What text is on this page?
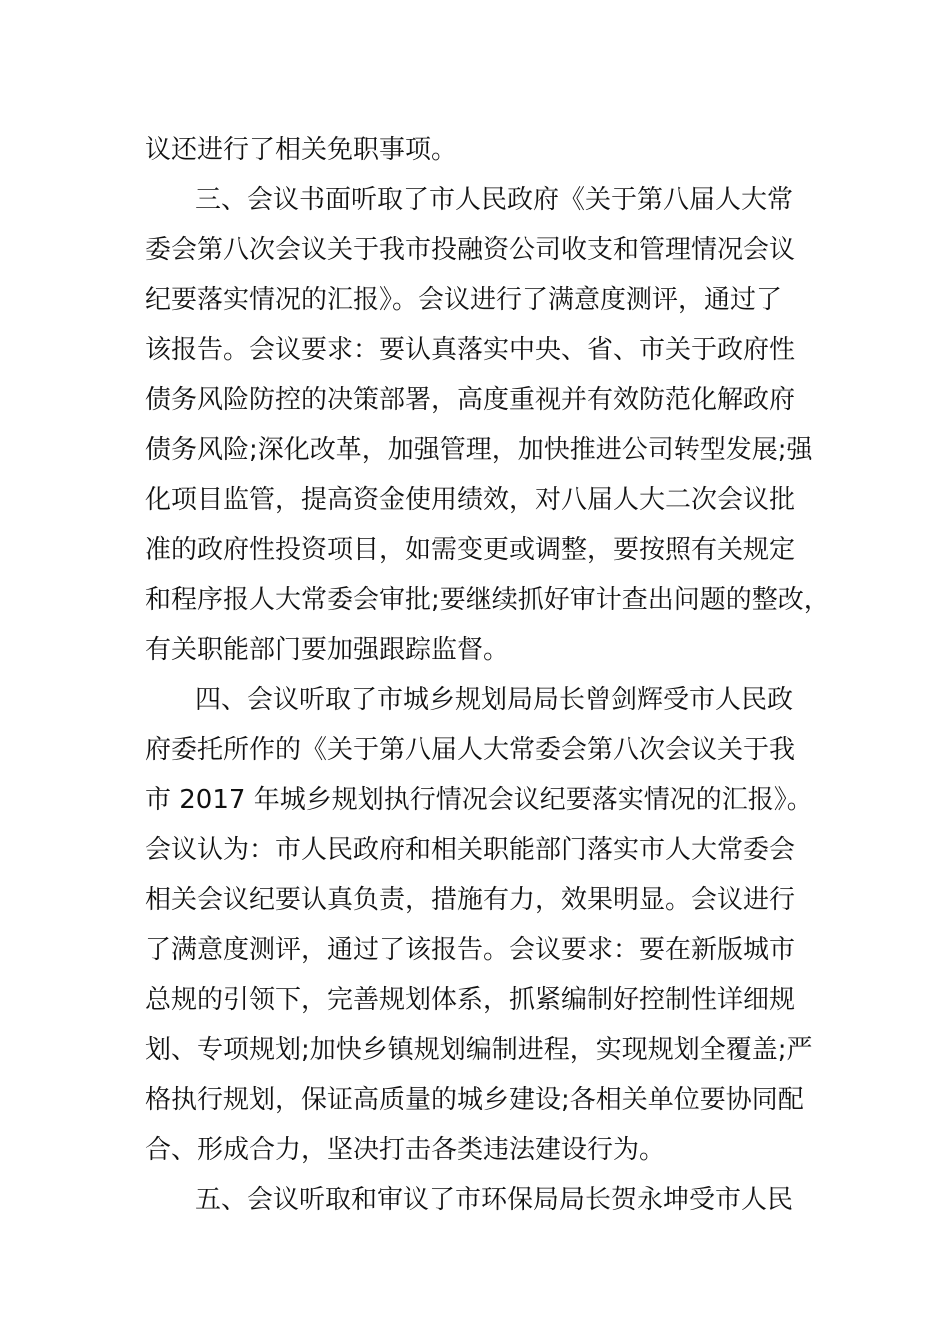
议还进行了相关免职事项。
三、会议书面听取了市人民政府《关于第八届人大常
委会第八次会议关于我市投融资公司收支和管理情况会议
纪要落实情况的汇报》。会议进行了满意度测评，通过了
该报告。会议要求：要认真落实中央、省、市关于政府性
债务风险防控的决策部署，高度重视并有效防范化解政府
债务风险;深化改革，加强管理，加快推进公司转型发展;强
化项目监管，提高资金使用绩效，对八届人大二次会议批
准的政府性投资项目，如需变更或调整，要按照有关规定
和程序报人大常委会审批;要继续抓好审计查出问题的整改，
有关职能部门要加强跟踪监督。
四、会议听取了市城乡规划局局长曾剑辉受市人民政
府委托所作的《关于第八届人大常委会第八次会议关于我
市 2017 年城乡规划执行情况会议纪要落实情况的汇报》。
会议认为：市人民政府和相关职能部门落实市人大常委会
相关会议纪要认真负责，措施有力，效果明显。会议进行
了满意度测评，通过了该报告。会议要求：要在新版城市
总规的引领下，完善规划体系，抓紧编制好控制性详细规
划、专项规划;加快乡镇规划编制进程，实现规划全覆盖;严
格执行规划，保证高质量的城乡建设;各相关单位要协同配
合、形成合力，坚决打击各类违法建设行为。
五、会议听取和审议了市环保局局长贺永坤受市人民
